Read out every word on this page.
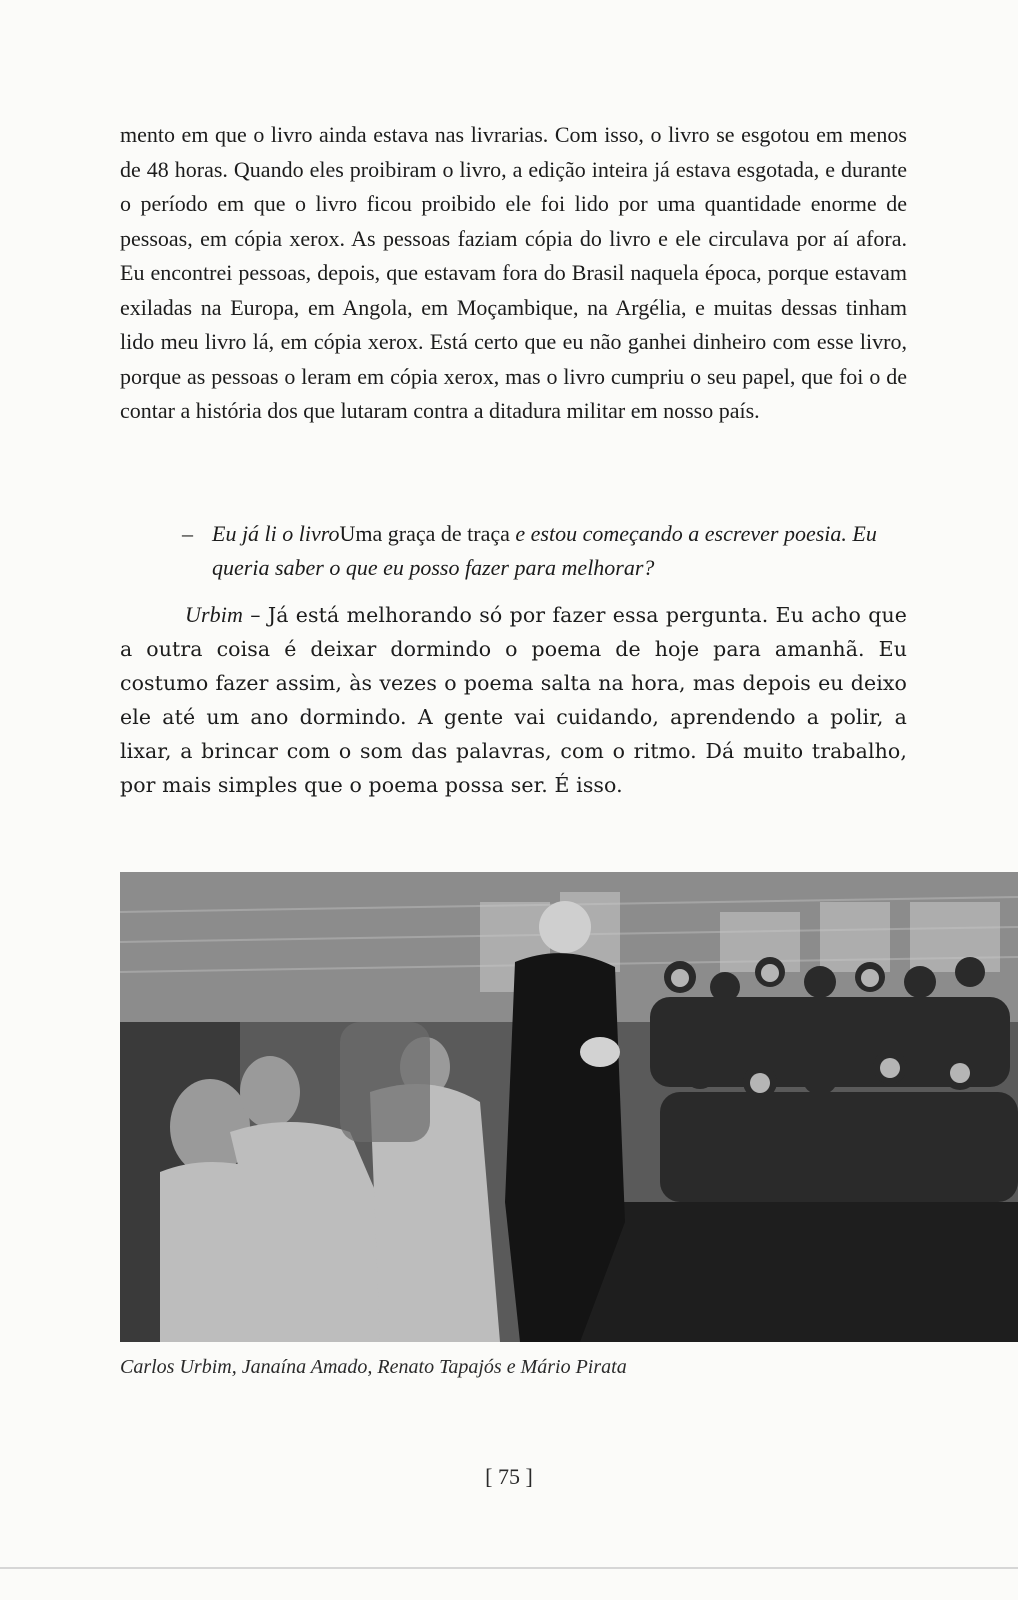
mento em que o livro ainda estava nas livrarias. Com isso, o livro se esgotou em menos de 48 horas. Quando eles proibiram o livro, a edição inteira já estava esgotada, e durante o período em que o livro ficou proibido ele foi lido por uma quantidade enorme de pessoas, em cópia xerox. As pessoas faziam cópia do livro e ele circulava por aí afora. Eu encontrei pessoas, depois, que estavam fora do Brasil naquela época, porque estavam exiladas na Europa, em Angola, em Moçambique, na Argélia, e muitas dessas tinham lido meu livro lá, em cópia xerox. Está certo que eu não ganhei dinheiro com esse livro, porque as pessoas o leram em cópia xerox, mas o livro cumpriu o seu papel, que foi o de contar a história dos que lutaram contra a ditadura militar em nosso país.

– Eu já li o livroUma graça de traça e estou começando a escrever poesia. Eu queria saber o que eu posso fazer para melhorar?

Urbim – Já está melhorando só por fazer essa pergunta. Eu acho que a outra coisa é deixar dormindo o poema de hoje para amanhã. Eu costumo fazer assim, às vezes o poema salta na hora, mas depois eu deixo ele até um ano dormindo. A gente vai cuidando, aprendendo a polir, a lixar, a brincar com o som das palavras, com o ritmo. Dá muito trabalho, por mais simples que o poema possa ser. É isso.

Carlos Urbim, Janaína Amado, Renato Tapajós e Mário Pirata
[ 75 ]
